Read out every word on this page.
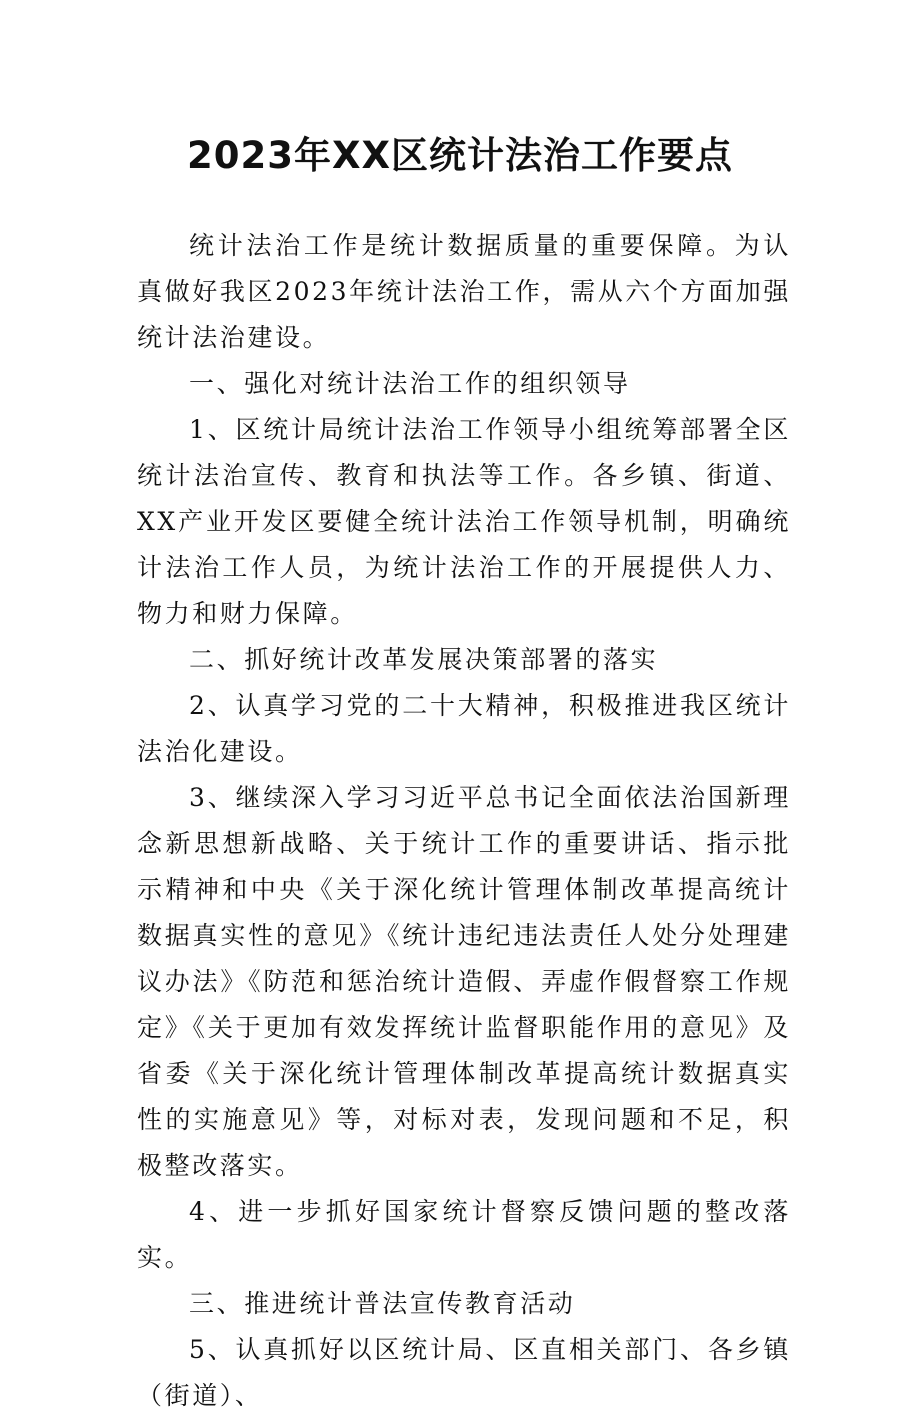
2023年XX区统计法治工作要点

统计法治工作是统计数据质量的重要保障。为认真做好我区2023年统计法治工作，需从六个方面加强统计法治建设。

一、强化对统计法治工作的组织领导

1、区统计局统计法治工作领导小组统筹部署全区统计法治宣传、教育和执法等工作。各乡镇、街道、XX产业开发区要健全统计法治工作领导机制，明确统计法治工作人员，为统计法治工作的开展提供人力、物力和财力保障。

二、抓好统计改革发展决策部署的落实

2、认真学习党的二十大精神，积极推进我区统计法治化建设。

3、继续深入学习习近平总书记全面依法治国新理念新思想新战略、关于统计工作的重要讲话、指示批示精神和中央《关于深化统计管理体制改革提高统计数据真实性的意见》《统计违纪违法责任人处分处理建议办法》《防范和惩治统计造假、弄虚作假督察工作规定》《关于更加有效发挥统计监督职能作用的意见》及省委《关于深化统计管理体制改革提高统计数据真实性的实施意见》等，对标对表，发现问题和不足，积极整改落实。

4、进一步抓好国家统计督察反馈问题的整改落实。

三、推进统计普法宣传教育活动

5、认真抓好以区统计局、区直相关部门、各乡镇（街道）、
